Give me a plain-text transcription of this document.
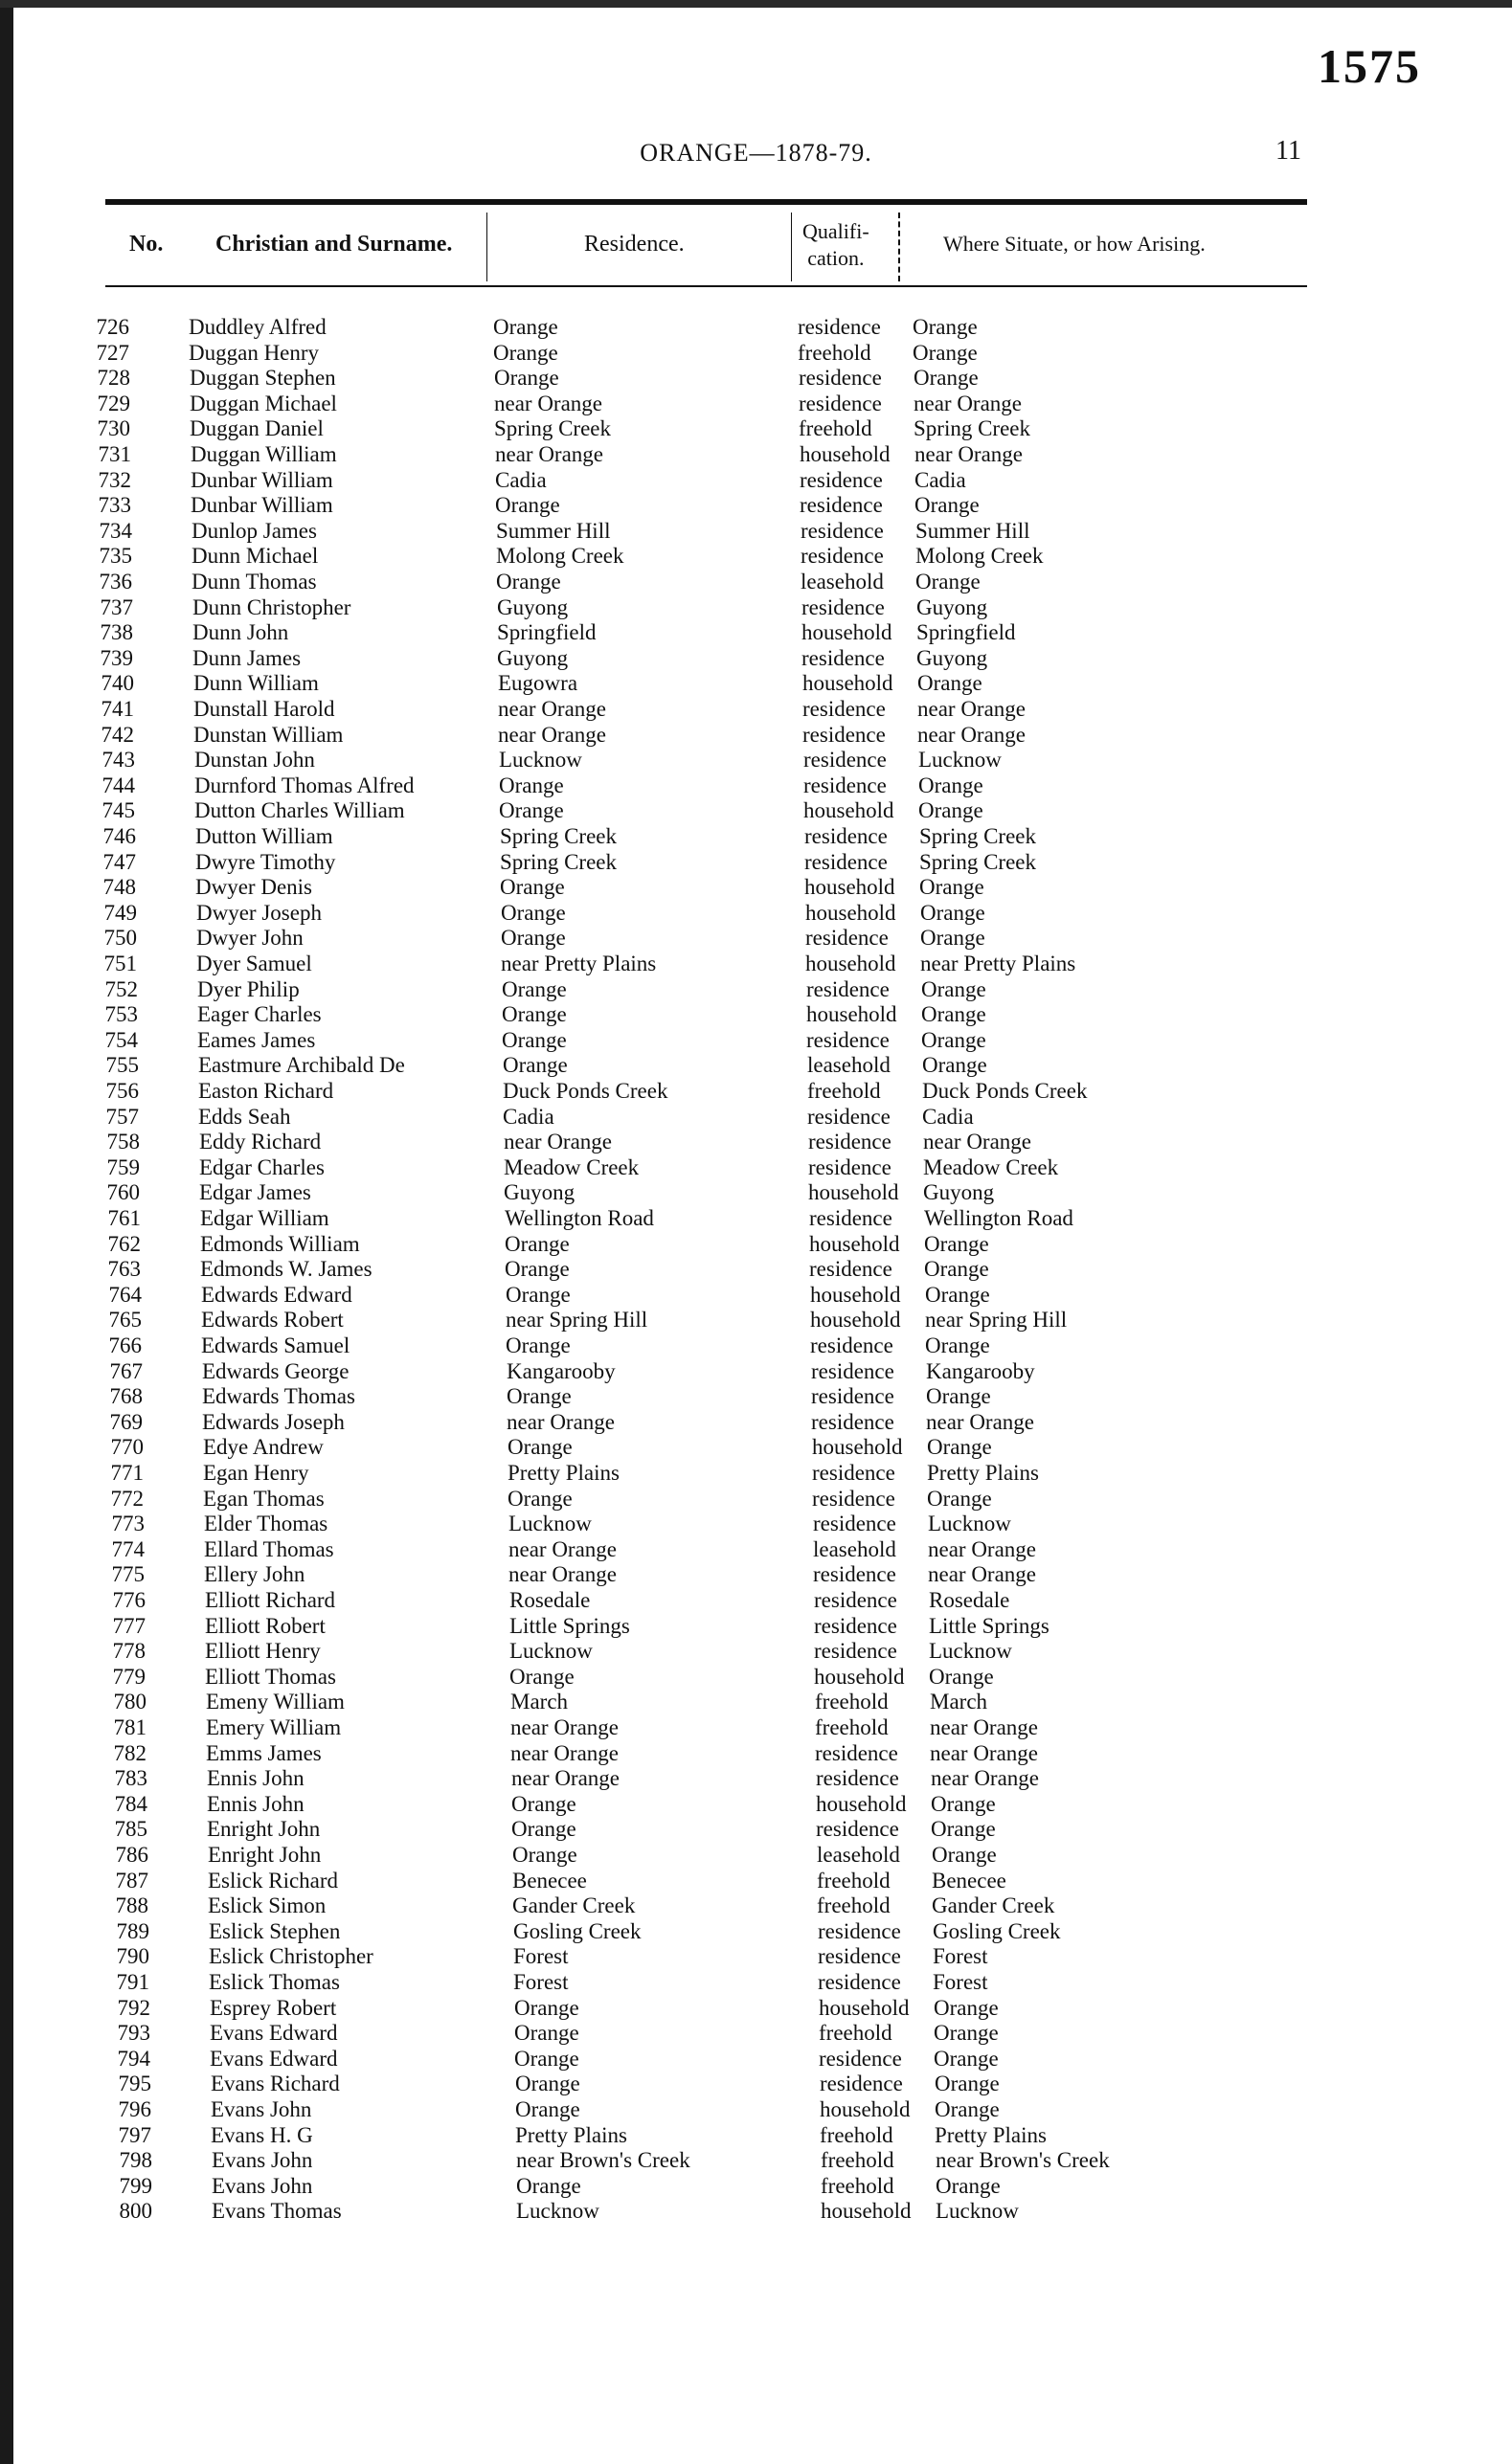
1575
ORANGE—1878-79.	11
No. Christian and Surname.	Residence.
Qualifi-
cation.
Where Situate, or how Arising.
726	Duddley Alfred	Orange	residence Orange
727	Duggan Henry	Orange	freehold Orange
728	Duggan Stephen	Orange	residence Orange
729	Duggan Michael	near Orange	residence near Orange
730	Duggan Daniel	Spring Creek	freehold Spring Creek
731	Duggan William	near Orange	household near Orange
732	Dunbar William	Cadia	residence Cadia
733	Dunbar William	Orange	residence Orange
734	Dunlop James	Summer Hill	residence Summer Hill
735	Dunn Michael	Molong Creek	residence Molong Creek
736	Dunn Thomas	Orange	leasehold Orange
737	Dunn Christopher	Guyong	residence Guyong
738	Dunn John	Springfield	household Springfield
739	Dunn James	Guyong	residence Guyong
740	Dunn William	Eugowra	household Orange
741	Dunstall Harold	near Orange	residence near Orange
742	Dunstan William	near Orange	residence near Orange
743	Dunstan John	Lucknow	residence Lucknow
744	Durnford Thomas Alfred	Orange	residence Orange
745	Dutton Charles William	Orange	household Orange
746	Dutton William	Spring Creek	residence Spring Creek
747	Dwyre Timothy	Spring Creek	residence Spring Creek
748	Dwyer Denis	Orange	household Orange
749	Dwyer Joseph	Orange	household Orange
750	Dwyer John	Orange	residence Orange
751	Dyer Samuel	near Pretty Plains	household near Pretty Plains
752	Dyer Philip	Orange	residence Orange
753	Eager Charles	Orange	household Orange
754	Eames James	Orange	residence Orange
755	Eastmure Archibald De	Orange	leasehold Orange
756	Easton Richard	Duck Ponds Creek	freehold Duck Ponds Creek
757	Edds Seah	Cadia	residence Cadia
758	Eddy Richard	near Orange	residence near Orange
759	Edgar Charles	Meadow Creek	residence Meadow Creek
760	Edgar James	Guyong	household Guyong
761	Edgar William	Wellington Road	residence Wellington Road
762	Edmonds William	Orange	household Orange
763	Edmonds W. James	Orange	residence Orange
764	Edwards Edward	Orange	household Orange
765	Edwards Robert	near Spring Hill	household near Spring Hill
766	Edwards Samuel	Orange	residence Orange
767	Edwards George	Kangarooby	residence Kangarooby
768	Edwards Thomas	Orange	residence Orange
769	Edwards Joseph	near Orange	residence near Orange
770	Edye Andrew	Orange	household Orange
771	Egan Henry	Pretty Plains	residence Pretty Plains
772	Egan Thomas	Orange	residence Orange
773	Elder Thomas	Lucknow	residence Lucknow
774	Ellard Thomas	near Orange	leasehold near Orange
775	Ellery John	near Orange	residence near Orange
776	Elliott Richard	Rosedale	residence Rosedale
777	Elliott Robert	Little Springs	residence Little Springs
778	Elliott Henry	Lucknow	residence Lucknow
779	Elliott Thomas	Orange	household Orange
780	Emeny William	March	freehold March
781	Emery William	near Orange	freehold near Orange
782	Emms James	near Orange	residence near Orange
783	Ennis John	near Orange	residence near Orange
784	Ennis John	Orange	household Orange
785	Enright John	Orange	residence Orange
786	Enright John	Orange	leasehold Orange
787	Eslick Richard	Benecee	freehold Benecee
788	Eslick Simon	Gander Creek	freehold Gander Creek
789	Eslick Stephen	Gosling Creek	residence Gosling Creek
790	Eslick Christopher	Forest	residence Forest
791	Eslick Thomas	Forest	residence Forest
792	Esprey Robert	Orange	household Orange
793	Evans Edward	Orange	freehold Orange
794	Evans Edward	Orange	residence Orange
795	Evans Richard	Orange	residence Orange
796	Evans John	Orange	household Orange
797	Evans H. G	Pretty Plains	freehold Pretty Plains
798	Evans John	near Brown's Creek	freehold near Brown's Creek
799	Evans John	Orange	freehold Orange
800	Evans Thomas	Lucknow	household Lucknow
